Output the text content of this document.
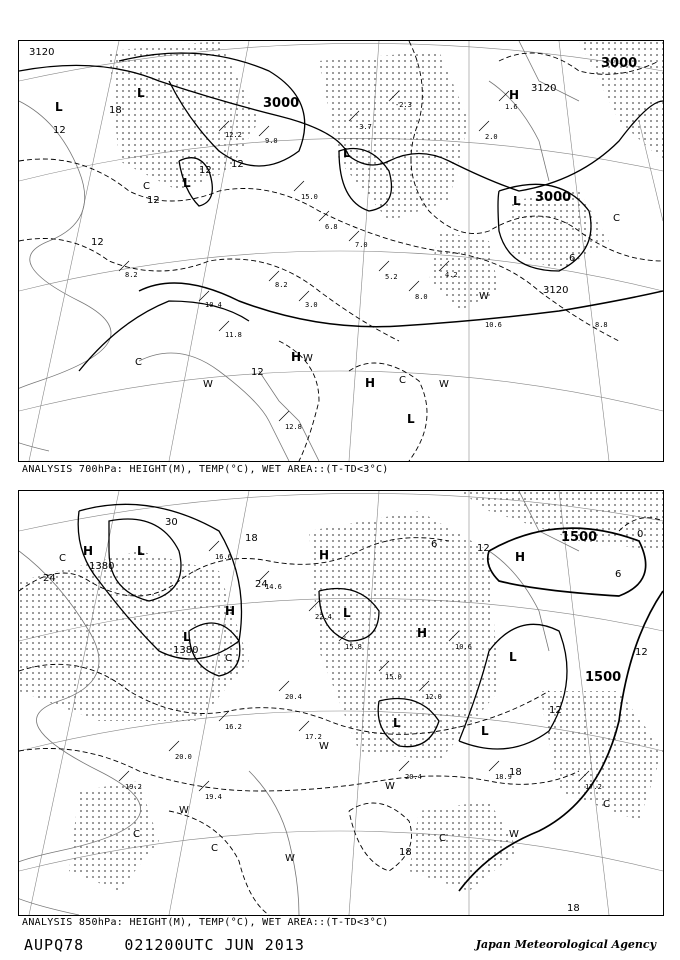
12.2
9.0
15.0
6.8
7.0
5.2
8.0
4.2
8.2
3.0
10.4
11.8
2.0
1.6
-3.7
-2.3
8.2
12.8
10.6	8.8
3120
3000
3000
3000
3120
3120
18
12
12
12
12
6
12
12
L
L
L
L
H
L
H
H
L
C
C
C
C
W	W
W
W
ANALYSIS 700hPa: HEIGHT(M), TEMP(°C), WET AREA::(T-TD<3°C)
16.6
14.6
22.4
15.8
15.0
12.0
10.6
20.4
16.2
20.0
19.4
17.2
19.2	17.2
18.9
20.4
1500
1500
1380
1380
30
24
24
18
18
18
18
12
12
12
6
6
0
H	L
H
L
H
L
H
H
L
L
L
C
C
C
C
C
C
W
W
W
W
W
ANALYSIS 850hPa: HEIGHT(M), TEMP(°C), WET AREA::(T-TD<3°C)
AUPQ78	021200UTC JUN 2013	Japan Meteorological Agency
